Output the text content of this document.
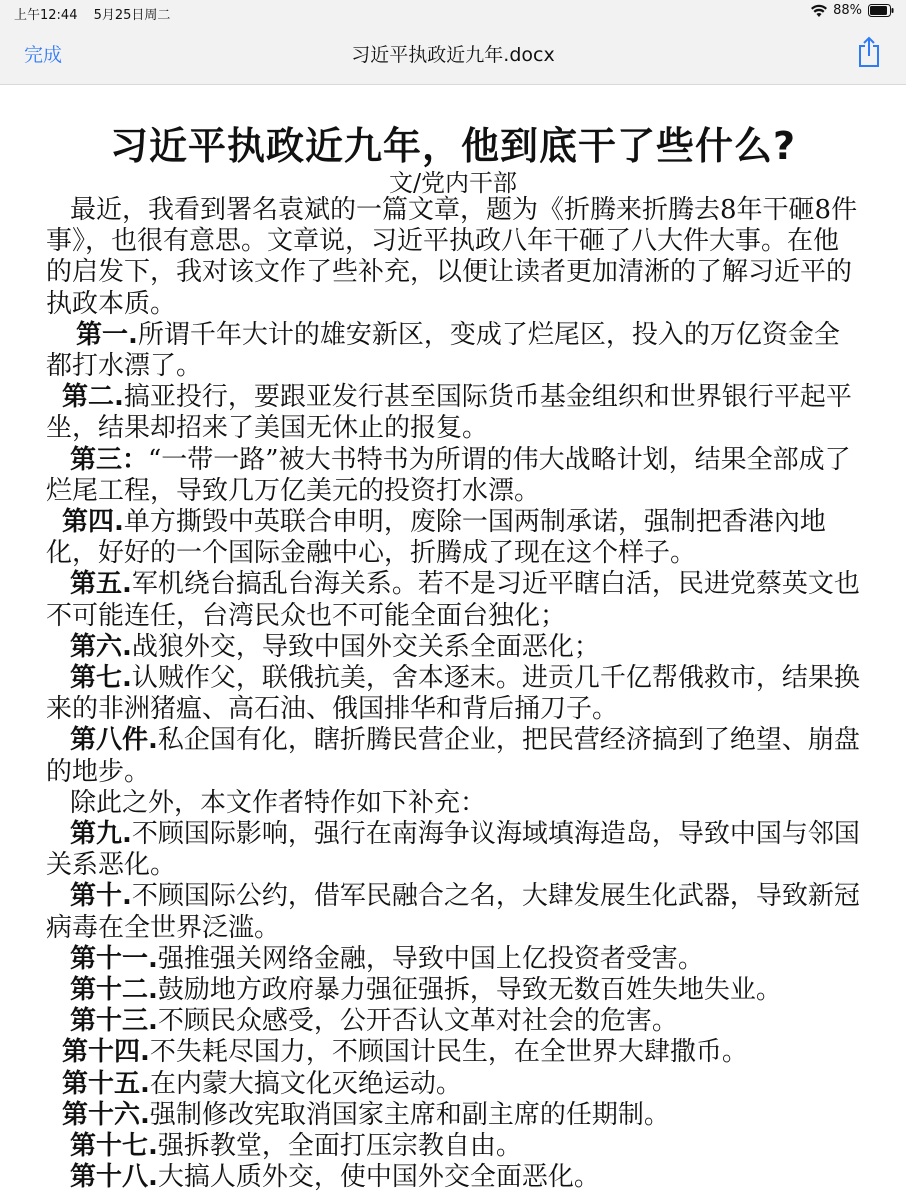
上午12:44 5月25日周二	88%
完成	习近平执政近九年.docx
习近平执政近九年，他到底干了些什么?
文/党内干部

最近，我看到署名袁斌的一篇文章，题为《折腾来折腾去8年干砸8件事》，也很有意思。文章说，习近平执政八年干砸了八大件大事。在他的启发下，我对该文作了些补充，以便让读者更加清淅的了解习近平的执政本质。

第一.所谓千年大计的雄安新区，变成了烂尾区，投入的万亿资金全都打水漂了。

第二.搞亚投行，要跟亚发行甚至国际货币基金组织和世界银行平起平坐，结果却招来了美国无休止的报复。

第三：“一带一路”被大书特书为所谓的伟大战略计划，结果全部成了烂尾工程，导致几万亿美元的投资打水漂。

第四.单方撕毁中英联合申明，废除一国两制承诺，强制把香港內地化，好好的一个国际金融中心，折腾成了现在这个样子。

第五.军机绕台搞乱台海关系。若不是习近平瞎白活，民进党蔡英文也不可能连任，台湾民众也不可能全面台独化；

第六.战狼外交，导致中国外交关系全面恶化；

第七.认贼作父，联俄抗美，舍本逐末。进贡几千亿帮俄救市，结果换来的非洲猪瘟、高石油、俄国排华和背后捅刀子。

第八件.私企国有化，瞎折腾民营企业，把民营经济搞到了绝望、崩盘的地步。

除此之外，本文作者特作如下补充：

第九.不顾国际影响，强行在南海争议海域填海造岛，导致中国与邻国关系恶化。

第十.不顾国际公约，借军民融合之名，大肆发展生化武器，导致新冠病毒在全世界泛滥。

第十一.强推强关网络金融，导致中国上亿投资者受害。

第十二.鼓励地方政府暴力强征强拆，导致无数百姓失地失业。

第十三.不顾民众感受，公开否认文革对社会的危害。

第十四.不失耗尽国力，不顾国计民生，在全世界大肆撒币。

第十五.在内蒙大搞文化灭绝运动。

第十六.强制修改宪取消国家主席和副主席的任期制。

第十七.强拆教堂，全面打压宗教自由。

第十八.大搞人质外交，使中国外交全面恶化。
